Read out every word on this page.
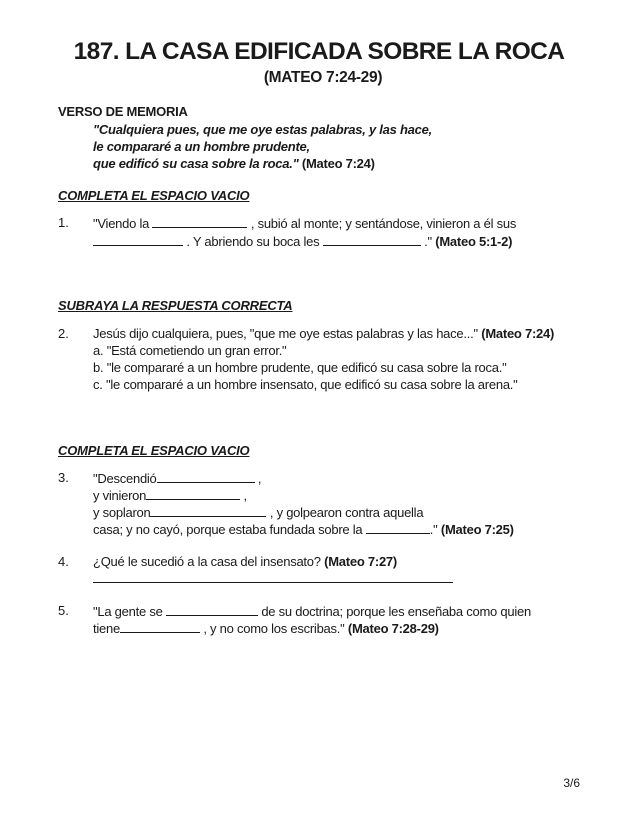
187. LA CASA EDIFICADA SOBRE LA ROCA
(MATEO 7:24-29)
VERSO DE MEMORIA
"Cualquiera pues, que me oye estas palabras, y las hace,
le compararé a un hombre prudente,
que edificó su casa sobre la roca." (Mateo 7:24)
COMPLETA EL ESPACIO VACIO
1. "Viendo la	, subió al monte; y sentándose, vinieron a él sus
. Y abriendo su boca les	." (Mateo 5:1-2)
SUBRAYA LA RESPUESTA CORRECTA
2. Jesús dijo cualquiera, pues, "que me oye estas palabras y las hace..." (Mateo 7:24)
a. "Está cometiendo un gran error."
b. "le compararé a un hombre prudente, que edificó su casa sobre la roca."
c. "le compararé a un hombre insensato, que edificó su casa sobre la arena."
COMPLETA EL ESPACIO VACIO
3. "Descendió	,
y vinieron	,
y soplaron	, y golpearon contra aquella
casa; y no cayó, porque estaba fundada sobre la	." (Mateo 7:25)
4. ¿Qué le sucedió a la casa del insensato? (Mateo 7:27)
5. "La gente se	de su doctrina; porque les enseñaba como quien
tiene	, y no como los escribas." (Mateo 7:28-29)
3/6
